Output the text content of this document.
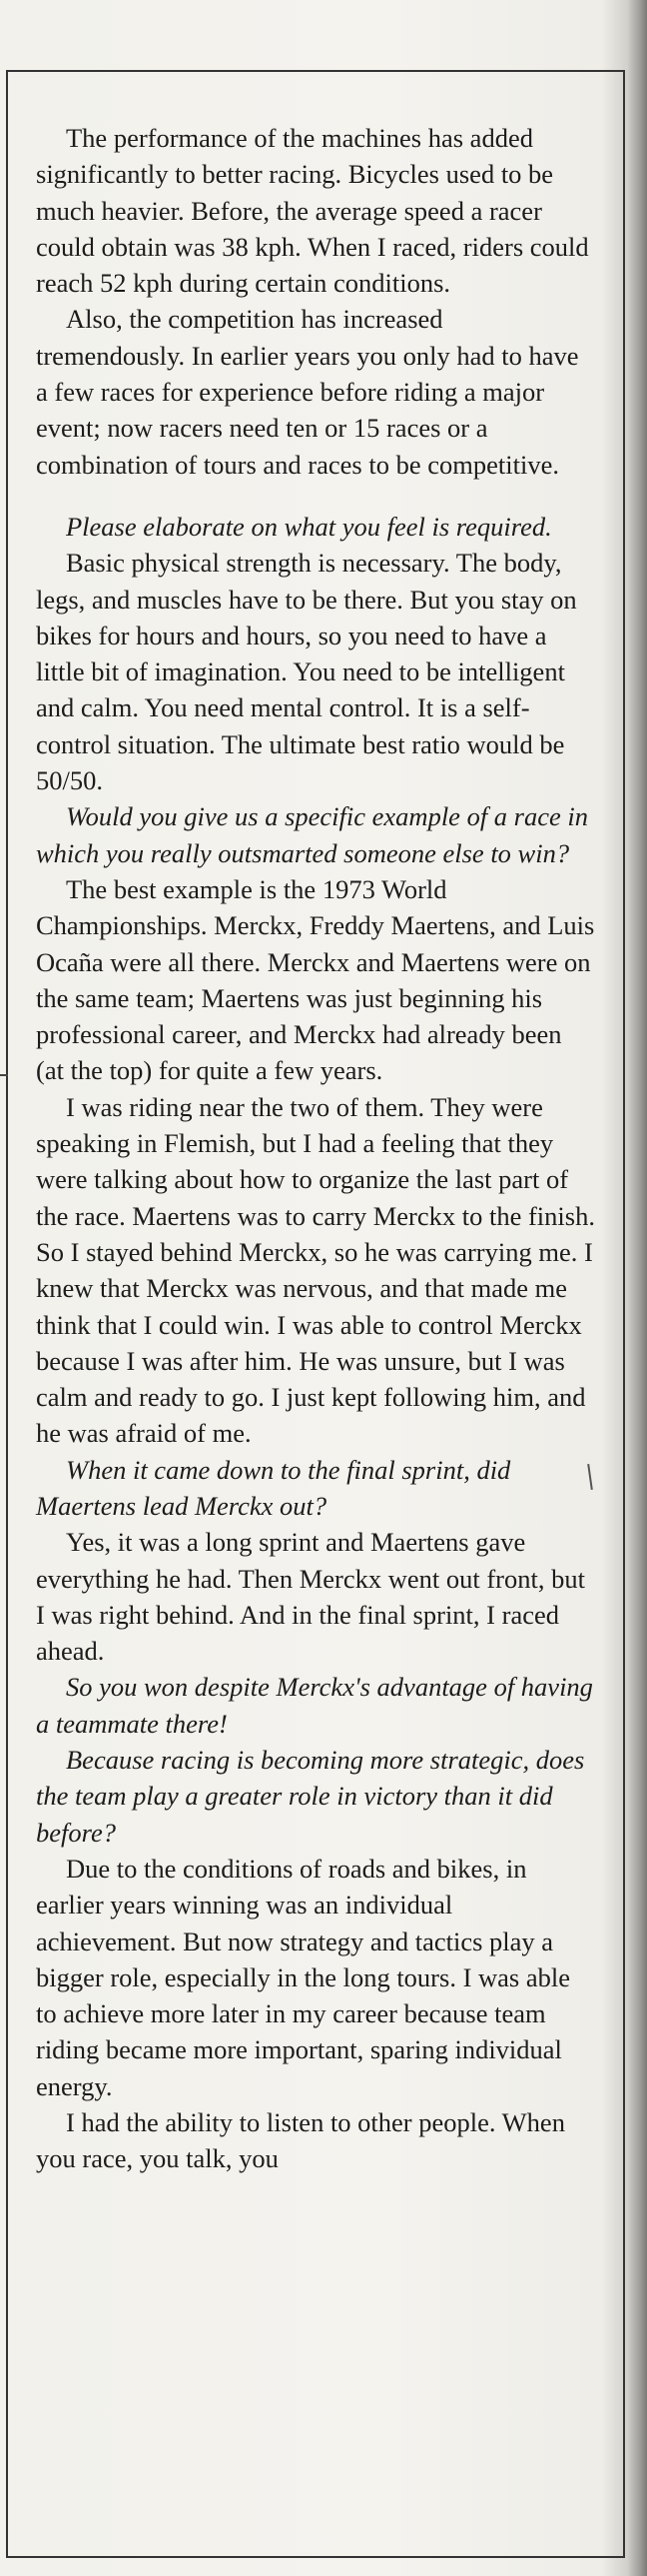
The performance of the machines has added significantly to better racing. Bicycles used to be much heavier. Before, the average speed a racer could obtain was 38 kph. When I raced, riders could reach 52 kph during certain conditions.

Also, the competition has increased tremendously. In earlier years you only had to have a few races for experience before riding a major event; now racers need ten or 15 races or a combination of tours and races to be competitive.

Please elaborate on what you feel is required.

Basic physical strength is necessary. The body, legs, and muscles have to be there. But you stay on bikes for hours and hours, so you need to have a little bit of imagination. You need to be intelligent and calm. You need mental control. It is a self-control situation. The ultimate best ratio would be 50/50.

Would you give us a specific example of a race in which you really outsmarted someone else to win?

The best example is the 1973 World Championships. Merckx, Freddy Maertens, and Luis Ocaña were all there. Merckx and Maertens were on the same team; Maertens was just beginning his professional career, and Merckx had already been (at the top) for quite a few years.

I was riding near the two of them. They were speaking in Flemish, but I had a feeling that they were talking about how to organize the last part of the race. Maertens was to carry Merckx to the finish. So I stayed behind Merckx, so he was carrying me. I knew that Merckx was nervous, and that made me think that I could win. I was able to control Merckx because I was after him. He was unsure, but I was calm and ready to go. I just kept following him, and he was afraid of me.

When it came down to the final sprint, did Maertens lead Merckx out?

Yes, it was a long sprint and Maertens gave everything he had. Then Merckx went out front, but I was right behind. And in the final sprint, I raced ahead.

So you won despite Merckx's advantage of having a teammate there!

Because racing is becoming more strategic, does the team play a greater role in victory than it did before?

Due to the conditions of roads and bikes, in earlier years winning was an individual achievement. But now strategy and tactics play a bigger role, especially in the long tours. I was able to achieve more later in my career because team riding became more important, sparing individual energy.

I had the ability to listen to other people. When you race, you talk, you
